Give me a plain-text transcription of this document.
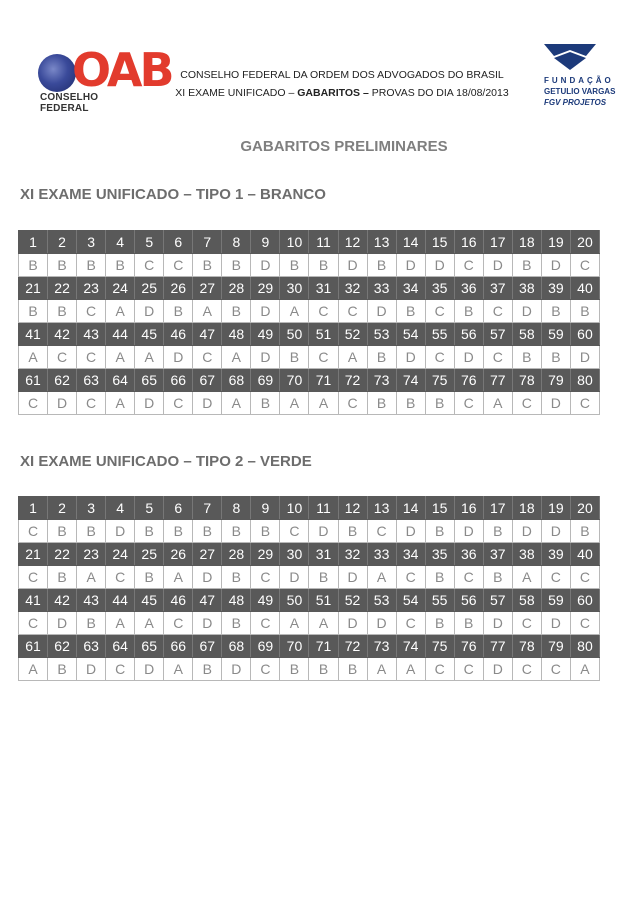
OAB
CONSELHO FEDERAL
CONSELHO FEDERAL DA ORDEM DOS ADVOGADOS DO BRASIL
XI EXAME UNIFICADO – GABARITOS – PROVAS DO DIA 18/08/2013
FUNDAÇÃO
GETULIO VARGAS
FGV PROJETOS
GABARITOS PRELIMINARES
XI EXAME UNIFICADO – TIPO 1 – BRANCO
1	2	3	4	5	6	7	8	9	10	11	12	13	14	15	16	17	18	19	20
B	B	B	B	C	C	B	B	D	B	B	D	B	D	D	C	D	B	D	C
21	22	23	24	25	26	27	28	29	30	31	32	33	34	35	36	37	38	39	40
B	B	C	A	D	B	A	B	D	A	C	C	D	B	C	B	C	D	B	B
41	42	43	44	45	46	47	48	49	50	51	52	53	54	55	56	57	58	59	60
A	C	C	A	A	D	C	A	D	B	C	A	B	D	C	D	C	B	B	D
61	62	63	64	65	66	67	68	69	70	71	72	73	74	75	76	77	78	79	80
C	D	C	A	D	C	D	A	B	A	A	C	B	B	B	C	A	C	D	C
XI EXAME UNIFICADO – TIPO 2 – VERDE
1	2	3	4	5	6	7	8	9	10	11	12	13	14	15	16	17	18	19	20
C	B	B	D	B	B	B	B	B	C	D	B	C	D	B	D	B	D	D	B
21	22	23	24	25	26	27	28	29	30	31	32	33	34	35	36	37	38	39	40
C	B	A	C	B	A	D	B	C	D	B	D	A	C	B	C	B	A	C	C
41	42	43	44	45	46	47	48	49	50	51	52	53	54	55	56	57	58	59	60
C	D	B	A	A	C	D	B	C	A	A	D	D	C	B	B	D	C	D	C
61	62	63	64	65	66	67	68	69	70	71	72	73	74	75	76	77	78	79	80
A	B	D	C	D	A	B	D	C	B	B	B	A	A	C	C	D	C	C	A
